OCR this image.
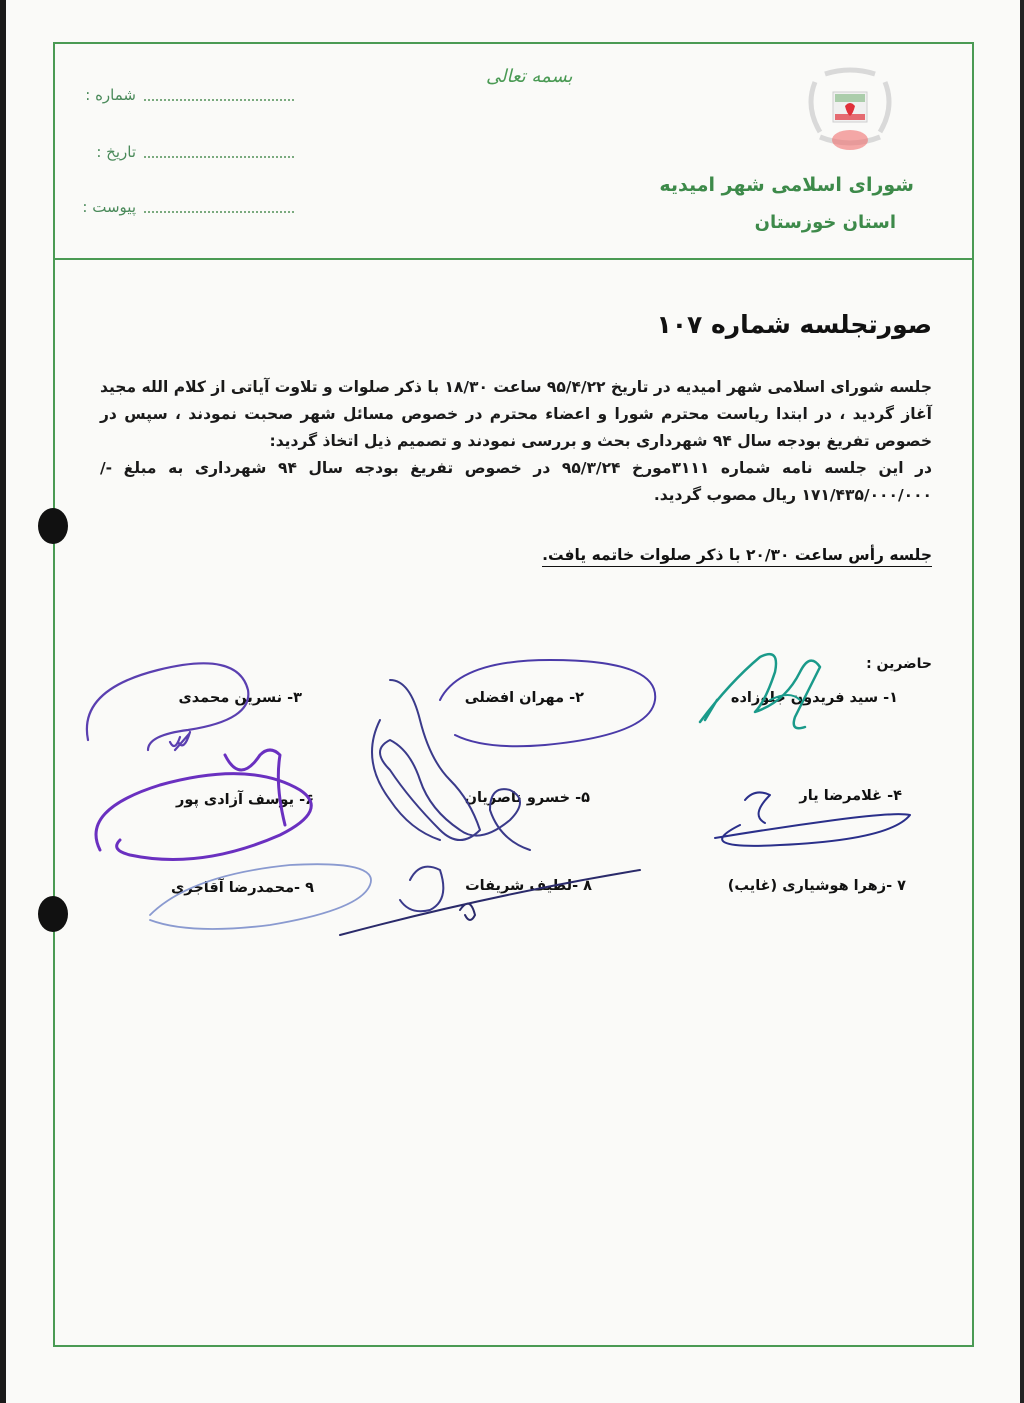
شماره :
تاریخ :
پیوست :
بسمه تعالی
شورای اسلامی شهر امیدیه
استان خوزستان
صورتجلسه شماره ۱۰۷

جلسه شورای اسلامی شهر امیدیه در تاریخ ۹۵/۴/۲۲ ساعت ۱۸/۳۰ با ذکر صلوات و تلاوت آیاتی از کلام الله مجید آغاز گردید ، در ابتدا ریاست محترم شورا و اعضاء محترم در خصوص مسائل شهر صحبت نمودند ، سپس در خصوص تفریغ بودجه سال ۹۴ شهرداری بحث و بررسی نمودند و تصمیم ذیل اتخاذ گردید:

در این جلسه نامه شماره ۳۱۱۱مورخ ۹۵/۳/۲۴ در خصوص تفریغ بودجه سال ۹۴ شهرداری به مبلغ -/۱۷۱/۴۳۵/۰۰۰/۰۰۰ ریال مصوب گردید.

جلسه رأس ساعت ۲۰/۳۰ با ذکر صلوات خاتمه یافت.
حاضرین :
۱- سید فریدون جلوزاده
۲- مهران افضلی
۳- نسرین محمدی
۴- غلامرضا یار
۵- خسرو ناصریان
۶- یوسف آزادی پور
۷ -زهرا هوشیاری (غایب)
۸ -لطیف شریفات
۹ -محمدرضا آقاجری
